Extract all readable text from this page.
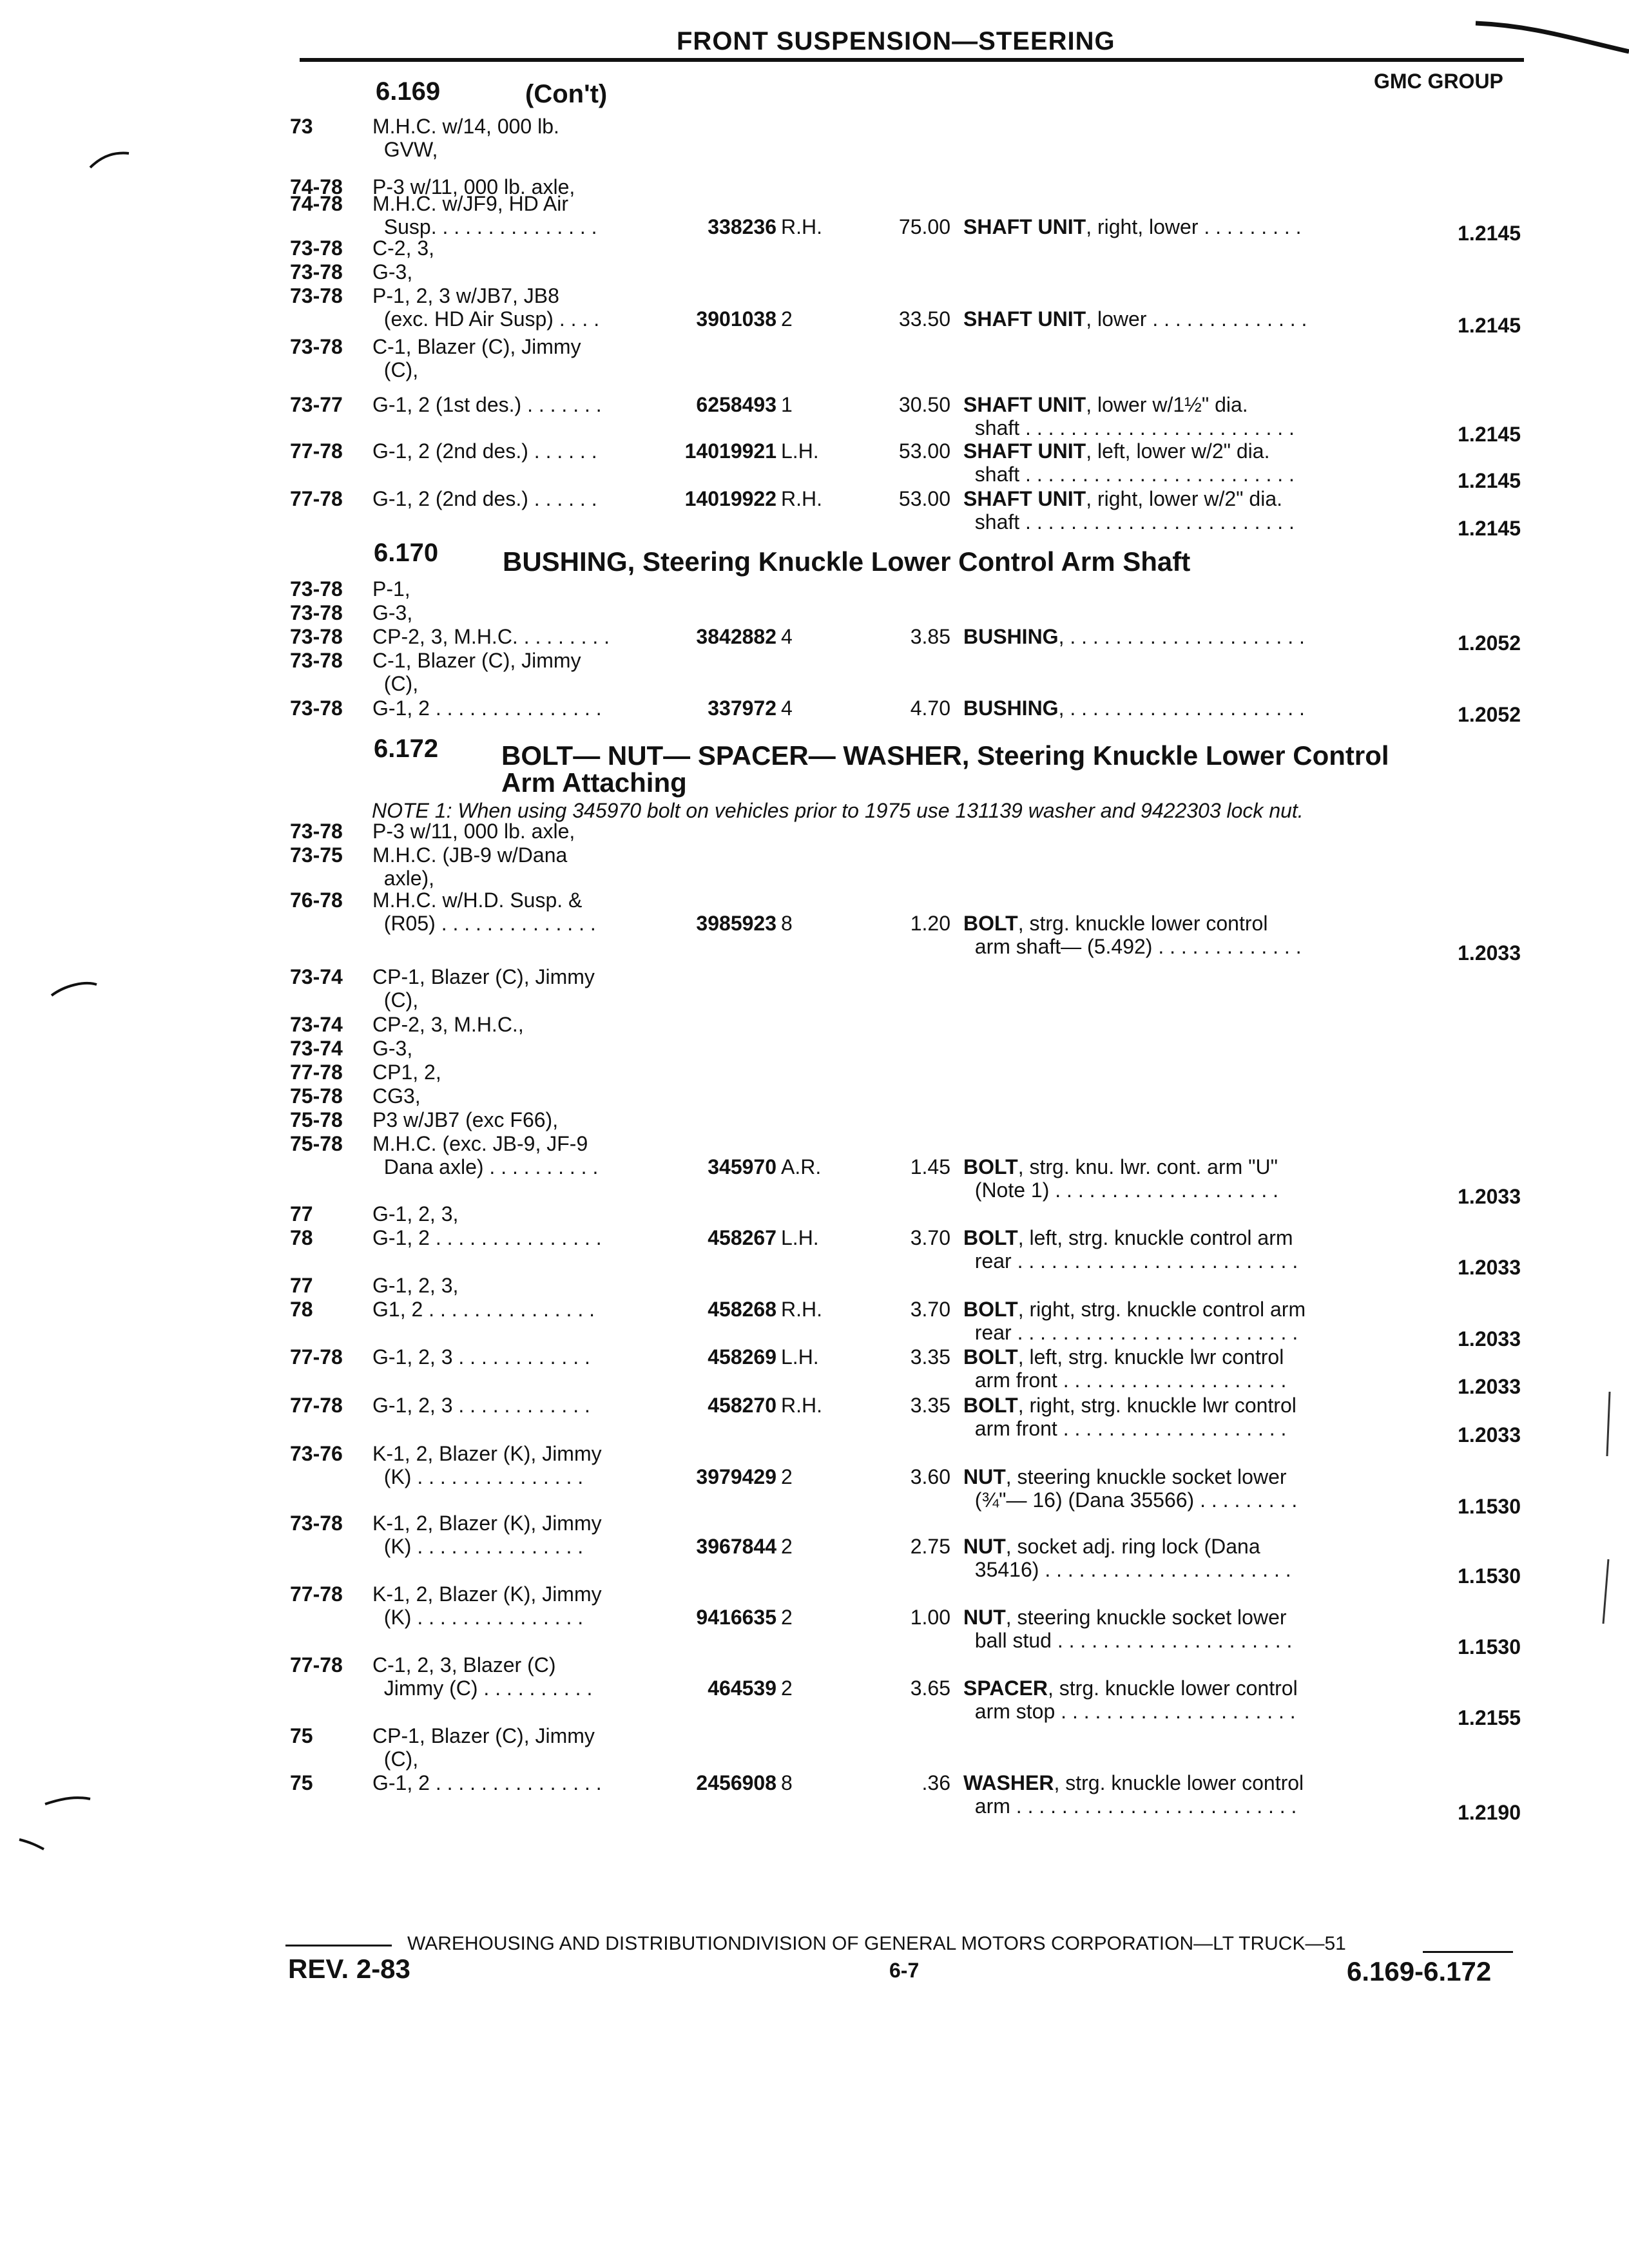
FRONT SUSPENSION—STEERING
GMC GROUP
6.169	(Con't)
6.170 BUSHING, Steering Knuckle Lower Control Arm Shaft
6.172 BOLT— NUT— SPACER— WASHER, Steering Knuckle Lower Control
Arm Attaching
NOTE 1: When using 345970 bolt on vehicles prior to 1975 use 131139 washer and 9422303 lock nut.
73	M.H.C. w/14, 000 lb.
GVW,
74-78 P-3 w/11, 000 lb. axle,
74-78 M.H.C. w/JF9, HD Air
Susp. . . . . . . . . . . . . . .	338236 R.H.	75.00 SHAFT UNIT, right, lower . . . . . . . . .	1.2145
73-78 C-2, 3,
73-78 G-3,
73-78 P-1, 2, 3 w/JB7, JB8
(exc. HD Air Susp) . . . .	3901038 2	33.50 SHAFT UNIT, lower . . . . . . . . . . . . . .	1.2145
73-78 C-1, Blazer (C), Jimmy
(C),
73-77 G-1, 2 (1st des.) . . . . . . .	6258493 1	30.50 SHAFT UNIT, lower w/1½" dia.
shaft . . . . . . . . . . . . . . . . . . . . . . . .	1.2145
77-78 G-1, 2 (2nd des.) . . . . . .	14019921 L.H.	53.00 SHAFT UNIT, left, lower w/2" dia.
shaft . . . . . . . . . . . . . . . . . . . . . . . .	1.2145
77-78 G-1, 2 (2nd des.) . . . . . .	14019922 R.H.	53.00 SHAFT UNIT, right, lower w/2" dia.
shaft . . . . . . . . . . . . . . . . . . . . . . . .	1.2145
73-78 P-1,
73-78 G-3,
73-78 CP-2, 3, M.H.C. . . . . . . . .	3842882 4	3.85 BUSHING, . . . . . . . . . . . . . . . . . . . . .	1.2052
73-78 C-1, Blazer (C), Jimmy
(C),
73-78 G-1, 2 . . . . . . . . . . . . . . .	337972 4	4.70 BUSHING, . . . . . . . . . . . . . . . . . . . . .	1.2052
73-78 P-3 w/11, 000 lb. axle,
73-75 M.H.C. (JB-9 w/Dana
axle),
76-78 M.H.C. w/H.D. Susp. &
(R05) . . . . . . . . . . . . . .	3985923 8	1.20 BOLT, strg. knuckle lower control
arm shaft— (5.492) . . . . . . . . . . . . .	1.2033
73-74 CP-1, Blazer (C), Jimmy
(C),
73-74 CP-2, 3, M.H.C.,
73-74 G-3,
77-78 CP1, 2,
75-78 CG3,
75-78 P3 w/JB7 (exc F66),
75-78 M.H.C. (exc. JB-9, JF-9
Dana axle) . . . . . . . . . .	345970 A.R.	1.45 BOLT, strg. knu. lwr. cont. arm "U"
(Note 1) . . . . . . . . . . . . . . . . . . . .	1.2033
77	G-1, 2, 3,
78	G-1, 2 . . . . . . . . . . . . . . .	458267 L.H.	3.70 BOLT, left, strg. knuckle control arm
rear . . . . . . . . . . . . . . . . . . . . . . . . .	1.2033
77	G-1, 2, 3,
78	G1, 2 . . . . . . . . . . . . . . .	458268 R.H.	3.70 BOLT, right, strg. knuckle control arm
rear . . . . . . . . . . . . . . . . . . . . . . . . .	1.2033
77-78 G-1, 2, 3 . . . . . . . . . . . .	458269 L.H.	3.35 BOLT, left, strg. knuckle lwr control
arm front . . . . . . . . . . . . . . . . . . . .	1.2033
77-78 G-1, 2, 3 . . . . . . . . . . . .	458270 R.H.	3.35 BOLT, right, strg. knuckle lwr control
arm front . . . . . . . . . . . . . . . . . . . .	1.2033
73-76 K-1, 2, Blazer (K), Jimmy
(K) . . . . . . . . . . . . . . .	3979429 2	3.60 NUT, steering knuckle socket lower
(¾"— 16) (Dana 35566) . . . . . . . . .	1.1530
73-78 K-1, 2, Blazer (K), Jimmy
(K) . . . . . . . . . . . . . . .	3967844 2	2.75 NUT, socket adj. ring lock (Dana
35416) . . . . . . . . . . . . . . . . . . . . . .	1.1530
77-78 K-1, 2, Blazer (K), Jimmy
(K) . . . . . . . . . . . . . . .	9416635 2	1.00 NUT, steering knuckle socket lower
ball stud . . . . . . . . . . . . . . . . . . . . .	1.1530
77-78 C-1, 2, 3, Blazer (C)
Jimmy (C) . . . . . . . . . .	464539 2	3.65 SPACER, strg. knuckle lower control
arm stop . . . . . . . . . . . . . . . . . . . . .	1.2155
75	CP-1, Blazer (C), Jimmy
(C),
75	G-1, 2 . . . . . . . . . . . . . . .	2456908 8	.36 WASHER, strg. knuckle lower control
arm . . . . . . . . . . . . . . . . . . . . . . . . .	1.2190
WAREHOUSING AND DISTRIBUTIONDIVISION OF GENERAL MOTORS CORPORATION—LT TRUCK—51
REV. 2-83	6-7	6.169-6.172
